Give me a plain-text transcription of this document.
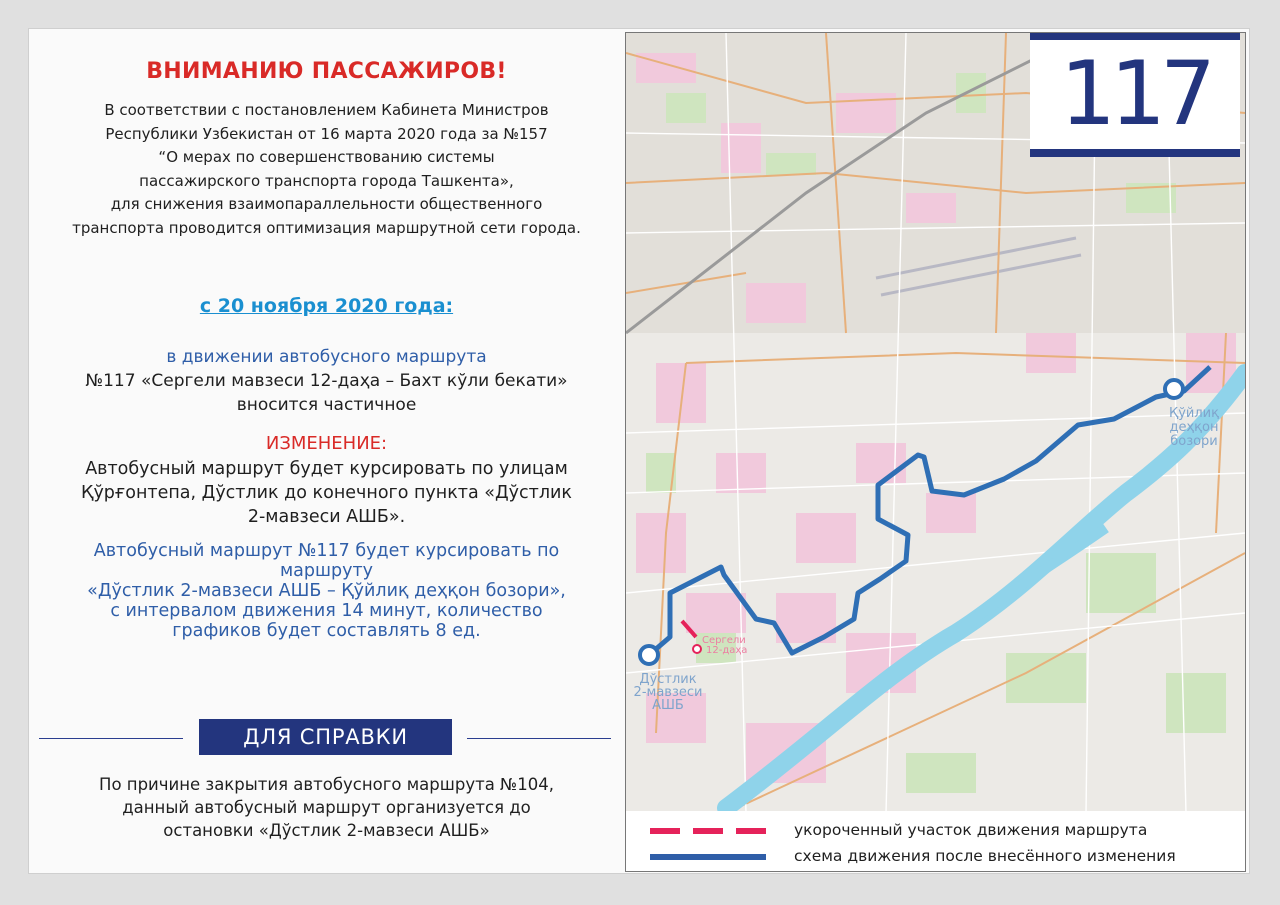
ВНИМАНИЮ ПАССАЖИРОВ!
В соответствии с постановлением Кабинета Министров
Республики Узбекистан от 16 марта 2020 года за №157
“О мерах по совершенствованию системы
пассажирского транспорта города Ташкента»,
для снижения взаимопараллельности общественного
транспорта проводится оптимизация маршрутной сети города.
с 20 ноября 2020 года:
в движении автобусного маршрута
№117 «Сергели мавзеси 12-даҳа – Бахт кўли бекати»
вносится частичное
ИЗМЕНЕНИЕ:
Автобусный маршрут будет курсировать по улицам
Қўрғонтепа, Дўстлик до конечного пункта «Дўстлик
2-мавзеси АШБ».
Автобусный маршрут №117 будет курсировать по
маршруту
«Дўстлик 2-мавзеси АШБ – Қўйлиқ деҳқон бозори»,
с интервалом движения 14 минут, количество
графиков будет составлять 8 ед.
ДЛЯ СПРАВКИ
По причине закрытия автобусного маршрута №104,
данный автобусный маршрут организуется до
остановки «Дўстлик 2-мавзеси АШБ»
Қўйлиқ
деҳқон
бозори
Дўстлик
2-мавзеси
АШБ
Сергели
12-даҳа
117
укороченный участок движения маршрута
схема движения после внесённого изменения
